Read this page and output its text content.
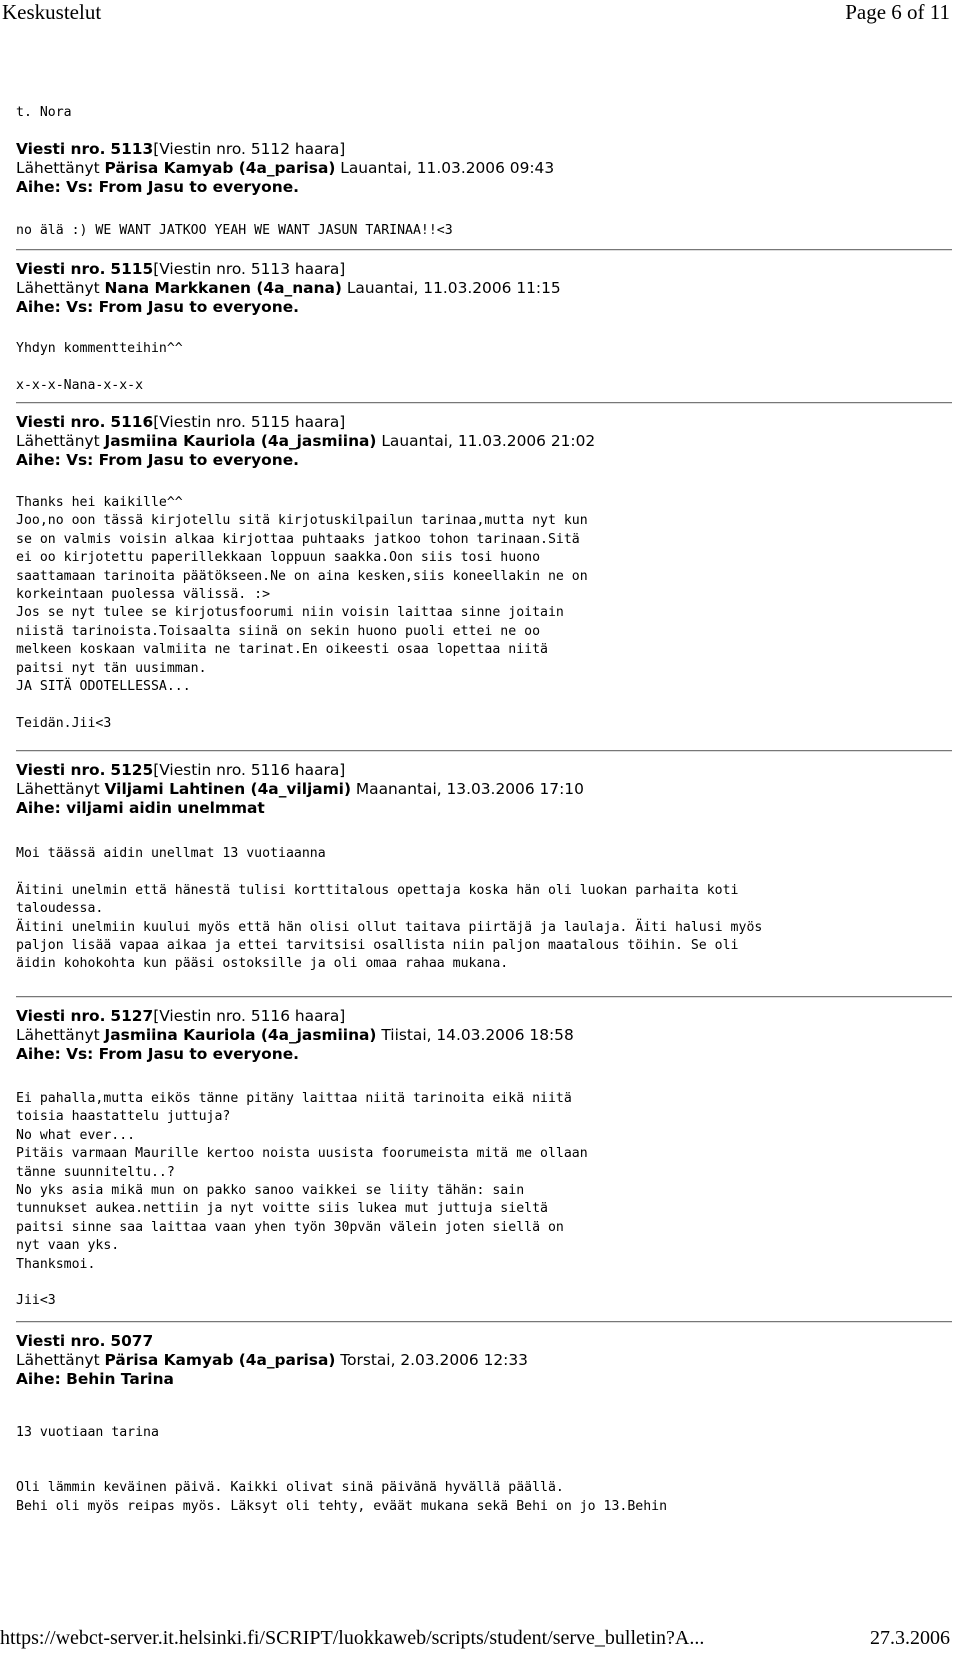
Keskustelut	Page 6 of 11
t. Nora
Viesti nro. 5113[Viestin nro. 5112 haara]
Lähettänyt Pärisa Kamyab (4a_parisa) Lauantai, 11.03.2006 09:43
Aihe: Vs: From Jasu to everyone.
no älä :) WE WANT JATKOO YEAH WE WANT JASUN TARINAA!!<3
Viesti nro. 5115[Viestin nro. 5113 haara]
Lähettänyt Nana Markkanen (4a_nana) Lauantai, 11.03.2006 11:15
Aihe: Vs: From Jasu to everyone.
Yhdyn kommentteihin^^

x-x-x-Nana-x-x-x
Viesti nro. 5116[Viestin nro. 5115 haara]
Lähettänyt Jasmiina Kauriola (4a_jasmiina) Lauantai, 11.03.2006 21:02
Aihe: Vs: From Jasu to everyone.
Thanks hei kaikille^^
Joo,no oon tässä kirjotellu sitä kirjotuskilpailun tarinaa,mutta nyt kun
se on valmis voisin alkaa kirjottaa puhtaaks jatkoo tohon tarinaan.Sitä
ei oo kirjotettu paperillekkaan loppuun saakka.Oon siis tosi huono
saattamaan tarinoita päätökseen.Ne on aina kesken,siis koneellakin ne on
korkeintaan puolessa välissä. :>
Jos se nyt tulee se kirjotusfoorumi niin voisin laittaa sinne joitain
niistä tarinoista.Toisaalta siinä on sekin huono puoli ettei ne oo
melkeen koskaan valmiita ne tarinat.En oikeesti osaa lopettaa niitä
paitsi nyt tän uusimman.
JA SITÄ ODOTELLESSA...

Teidän.Jii<3
Viesti nro. 5125[Viestin nro. 5116 haara]
Lähettänyt Viljami Lahtinen (4a_viljami) Maanantai, 13.03.2006 17:10
Aihe: viljami aidin unelmmat
Moi täässä aidin unellmat 13 vuotiaanna

Äitini unelmin että hänestä tulisi korttitalous opettaja koska hän oli luokan parhaita koti
taloudessa.
Äitini unelmiin kuului myös että hän olisi ollut taitava piirtäjä ja laulaja. Äiti halusi myös
paljon lisää vapaa aikaa ja ettei tarvitsisi osallista niin paljon maatalous töihin. Se oli
äidin kohokohta kun pääsi ostoksille ja oli omaa rahaa mukana.
Viesti nro. 5127[Viestin nro. 5116 haara]
Lähettänyt Jasmiina Kauriola (4a_jasmiina) Tiistai, 14.03.2006 18:58
Aihe: Vs: From Jasu to everyone.
Ei pahalla,mutta eikös tänne pitäny laittaa niitä tarinoita eikä niitä
toisia haastattelu juttuja?
No what ever...
Pitäis varmaan Maurille kertoo noista uusista foorumeista mitä me ollaan
tänne suunniteltu..?
No yks asia mikä mun on pakko sanoo vaikkei se liity tähän: sain
tunnukset aukea.nettiin ja nyt voitte siis lukea mut juttuja sieltä
paitsi sinne saa laittaa vaan yhen työn 30pvän välein joten siellä on
nyt vaan yks.
Thanksmoi.

Jii<3
Viesti nro. 5077
Lähettänyt Pärisa Kamyab (4a_parisa) Torstai, 2.03.2006 12:33
Aihe: Behin Tarina
13 vuotiaan tarina

Oli lämmin keväinen päivä. Kaikki olivat sinä päivänä hyvällä päällä.
Behi oli myös reipas myös. Läksyt oli tehty, eväät mukana sekä Behi on jo 13.Behin
https://webct-server.it.helsinki.fi/SCRIPT/luokkaweb/scripts/student/serve_bulletin?A...	27.3.2006
